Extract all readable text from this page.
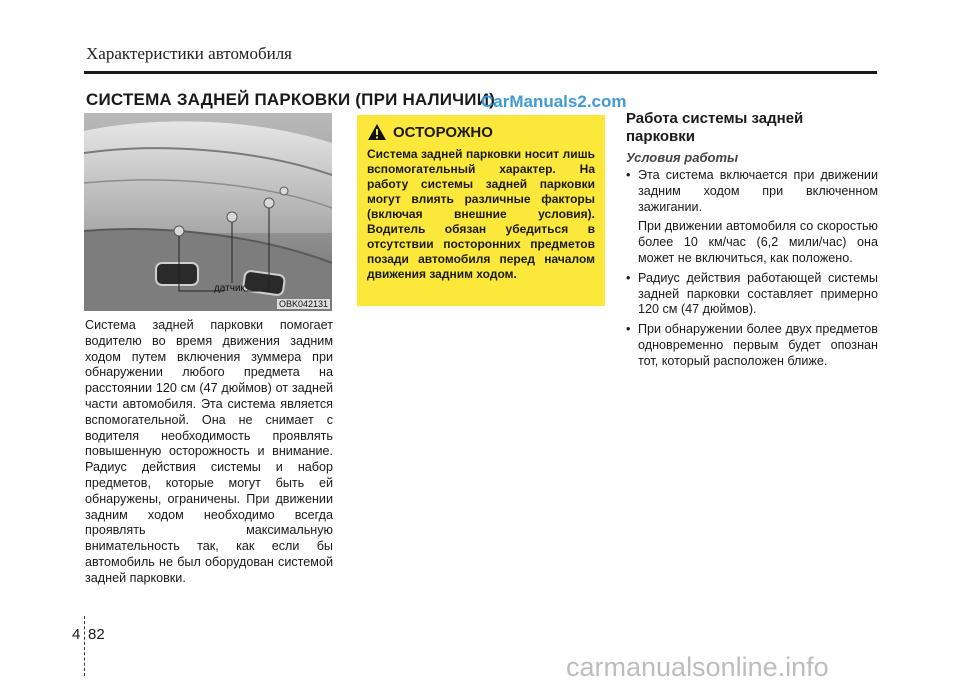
Характеристики автомобиля
СИСТЕМА ЗАДНЕЙ ПАРКОВКИ (ПРИ НАЛИЧИИ)
CarManuals2.com
датчик
OBK042131

Система задней парковки помогает водителю во время движения задним ходом путем включения зуммера при обнаружении любого предмета на расстоянии 120 см (47 дюймов) от задней части автомобиля. Эта система является вспомогательной. Она не снимает с водителя необходимость проявлять повышенную осторожность и внимание. Радиус действия системы и набор предметов, которые могут быть ей обнаружены, ограничены. При движении задним ходом необходимо всегда проявлять максимальную внимательность так, как если бы автомобиль не был оборудован системой задней парковки.

ОСТОРОЖНО

Система задней парковки носит лишь вспомогательный характер. На работу системы задней парковки могут влиять различные факторы (включая внешние условия). Водитель обязан убедиться в отсутствии посторонних предметов позади автомобиля перед началом движения задним ходом.

Работа системы задней парковки
Условия работы
• Эта система включается при движении задним ходом при включенном зажигании.

При движении автомобиля со скоростью более 10 км/час (6,2 мили/час) она может не включиться, как положено.

• Радиус действия работающей системы задней парковки составляет примерно 120 см (47 дюймов).

• При обнаружении более двух предметов одновременно первым будет опознан тот, который расположен ближе.

4 82
carmanualsonline.info
